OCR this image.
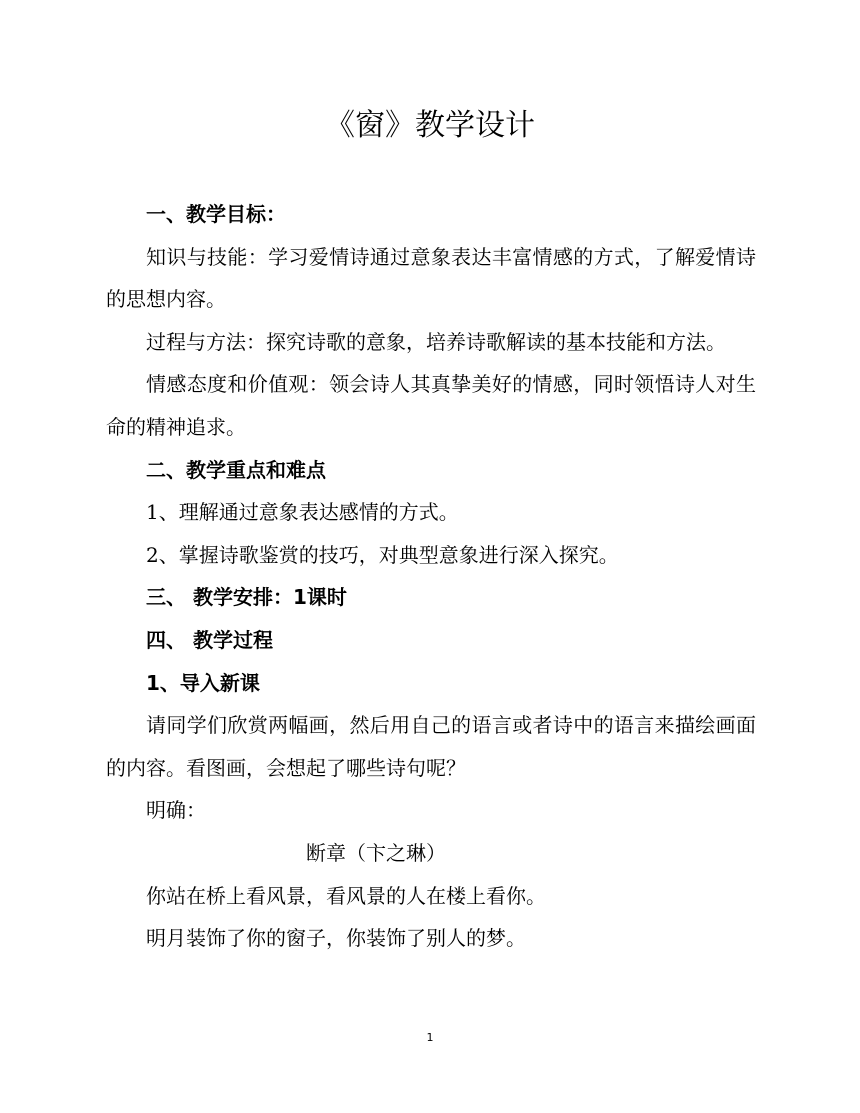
《窗》教学设计

一、教学目标：

知识与技能：学习爱情诗通过意象表达丰富情感的方式，了解爱情诗的思想内容。

过程与方法：探究诗歌的意象，培养诗歌解读的基本技能和方法。

情感态度和价值观：领会诗人其真挚美好的情感，同时领悟诗人对生命的精神追求。

二、教学重点和难点

1、理解通过意象表达感情的方式。

2、掌握诗歌鉴赏的技巧，对典型意象进行深入探究。

三、 教学安排：1课时

四、 教学过程

1、导入新课

请同学们欣赏两幅画，然后用自己的语言或者诗中的语言来描绘画面的内容。看图画，会想起了哪些诗句呢？

明确：

断章（卞之琳）

你站在桥上看风景，看风景的人在楼上看你。

明月装饰了你的窗子，你装饰了别人的梦。

1
